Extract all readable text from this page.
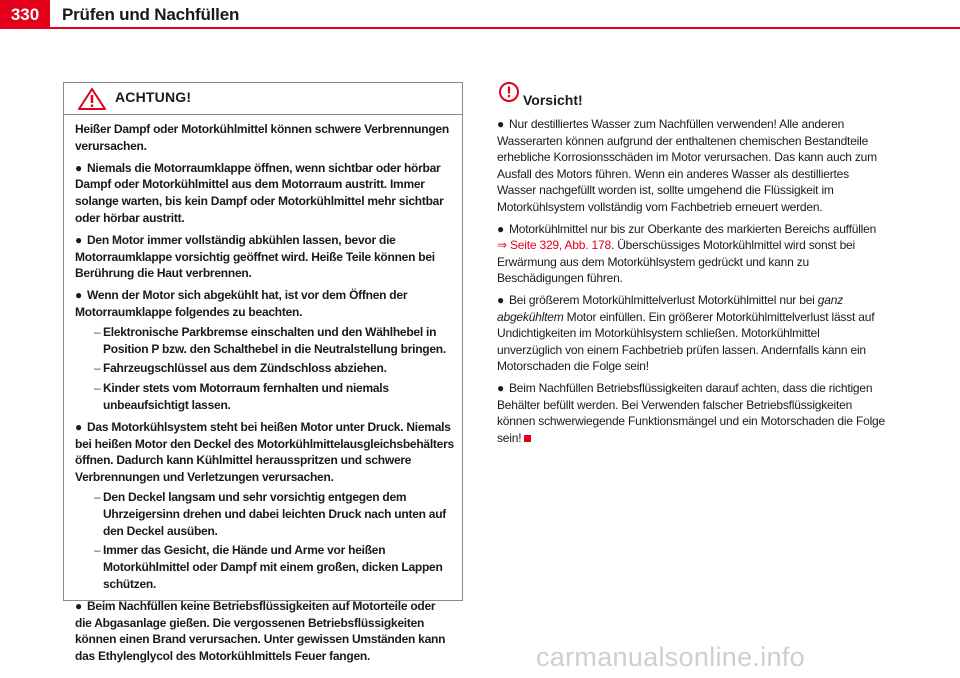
330	Prüfen und Nachfüllen
ACHTUNG!

Heißer Dampf oder Motorkühlmittel können schwere Verbrennungen verursachen.

● Niemals die Motorraumklappe öffnen, wenn sichtbar oder hörbar Dampf oder Motorkühlmittel aus dem Motorraum austritt. Immer solange warten, bis kein Dampf oder Motorkühlmittel mehr sichtbar oder hörbar austritt.

● Den Motor immer vollständig abkühlen lassen, bevor die Motorraumklappe vorsichtig geöffnet wird. Heiße Teile können bei Berührung die Haut verbrennen.

● Wenn der Motor sich abgekühlt hat, ist vor dem Öffnen der Motorraumklappe folgendes zu beachten.

– Elektronische Parkbremse einschalten und den Wählhebel in Position P bzw. den Schalthebel in die Neutralstellung bringen.

– Fahrzeugschlüssel aus dem Zündschloss abziehen.

– Kinder stets vom Motorraum fernhalten und niemals unbeaufsichtigt lassen.

● Das Motorkühlsystem steht bei heißen Motor unter Druck. Niemals bei heißen Motor den Deckel des Motorkühlmittelausgleichsbehälters öffnen. Dadurch kann Kühlmittel herausspritzen und schwere Verbrennungen und Verletzungen verursachen.

– Den Deckel langsam und sehr vorsichtig entgegen dem Uhrzeigersinn drehen und dabei leichten Druck nach unten auf den Deckel ausüben.

– Immer das Gesicht, die Hände und Arme vor heißen Motorkühlmittel oder Dampf mit einem großen, dicken Lappen schützen.

● Beim Nachfüllen keine Betriebsflüssigkeiten auf Motorteile oder die Abgasanlage gießen. Die vergossenen Betriebsflüssigkeiten können einen Brand verursachen. Unter gewissen Umständen kann das Ethylenglycol des Motorkühlmittels Feuer fangen.

Vorsicht!

● Nur destilliertes Wasser zum Nachfüllen verwenden! Alle anderen Wasserarten können aufgrund der enthaltenen chemischen Bestandteile erhebliche Korrosionsschäden im Motor verursachen. Das kann auch zum Ausfall des Motors führen. Wenn ein anderes Wasser als destilliertes Wasser nachgefüllt worden ist, sollte umgehend die Flüssigkeit im Motorkühlsystem vollständig vom Fachbetrieb erneuert werden.

● Motorkühlmittel nur bis zur Oberkante des markierten Bereichs auffüllen ⇒ Seite 329, Abb. 178. Überschüssiges Motorkühlmittel wird sonst bei Erwärmung aus dem Motorkühlsystem gedrückt und kann zu Beschädigungen führen.

● Bei größerem Motorkühlmittelverlust Motorkühlmittel nur bei ganz abgekühltem Motor einfüllen. Ein größerer Motorkühlmittelverlust lässt auf Undichtigkeiten im Motorkühlsystem schließen. Motorkühlmittel unverzüglich von einem Fachbetrieb prüfen lassen. Andernfalls kann ein Motorschaden die Folge sein!

● Beim Nachfüllen Betriebsflüssigkeiten darauf achten, dass die richtigen Behälter befüllt werden. Bei Verwenden falscher Betriebsflüssigkeiten können schwerwiegende Funktionsmängel und ein Motorschaden die Folge sein!

carmanualsonline.info
